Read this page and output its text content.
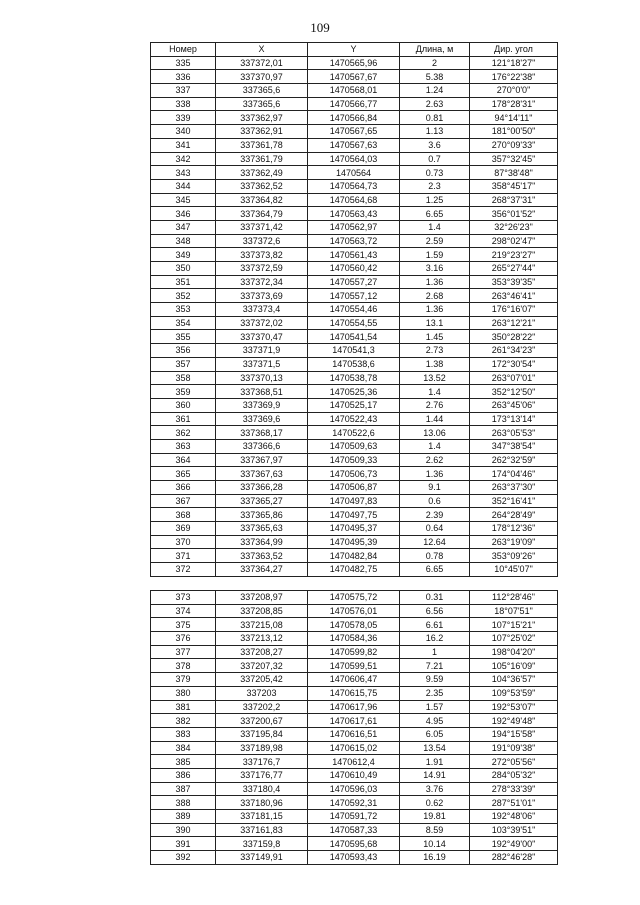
109
Номер	X	Y	Длина, м	Дир. угол
335	337372,01	1470565,96	2	121°18'27"
336	337370,97	1470567,67	5.38	176°22'38"
337	337365,6	1470568,01	1.24	270°0'0"
338	337365,6	1470566,77	2.63	178°28'31"
339	337362,97	1470566,84	0.81	94°14'11"
340	337362,91	1470567,65	1.13	181°00'50"
341	337361,78	1470567,63	3.6	270°09'33"
342	337361,79	1470564,03	0.7	357°32'45"
343	337362,49	1470564	0.73	87°38'48"
344	337362,52	1470564,73	2.3	358°45'17"
345	337364,82	1470564,68	1.25	268°37'31"
346	337364,79	1470563,43	6.65	356°01'52"
347	337371,42	1470562,97	1.4	32°26'23"
348	337372,6	1470563,72	2.59	298°02'47"
349	337373,82	1470561,43	1.59	219°23'27"
350	337372,59	1470560,42	3.16	265°27'44"
351	337372,34	1470557,27	1.36	353°39'35"
352	337373,69	1470557,12	2.68	263°46'41"
353	337373,4	1470554,46	1.36	176°16'07"
354	337372,02	1470554,55	13.1	263°12'21"
355	337370,47	1470541,54	1.45	350°28'22"
356	337371,9	1470541,3	2.73	261°34'23"
357	337371,5	1470538,6	1.38	172°30'54"
358	337370,13	1470538,78	13.52	263°07'01"
359	337368,51	1470525,36	1.4	352°12'50"
360	337369,9	1470525,17	2.76	263°45'06"
361	337369,6	1470522,43	1.44	173°13'14"
362	337368,17	1470522,6	13.06	263°05'53"
363	337366,6	1470509,63	1.4	347°38'54"
364	337367,97	1470509,33	2.62	262°32'59"
365	337367,63	1470506,73	1.36	174°04'46"
366	337366,28	1470506,87	9.1	263°37'30"
367	337365,27	1470497,83	0.6	352°16'41"
368	337365,86	1470497,75	2.39	264°28'49"
369	337365,63	1470495,37	0.64	178°12'36"
370	337364,99	1470495,39	12.64	263°19'09"
371	337363,52	1470482,84	0.78	353°09'26"
372	337364,27	1470482,75	6.65	10°45'07"
373	337208,97	1470575,72	0.31	112°28'46"
374	337208,85	1470576,01	6.56	18°07'51"
375	337215,08	1470578,05	6.61	107°15'21"
376	337213,12	1470584,36	16.2	107°25'02"
377	337208,27	1470599,82	1	198°04'20"
378	337207,32	1470599,51	7.21	105°16'09"
379	337205,42	1470606,47	9.59	104°36'57"
380	337203	1470615,75	2.35	109°53'59"
381	337202,2	1470617,96	1.57	192°53'07"
382	337200,67	1470617,61	4.95	192°49'48"
383	337195,84	1470616,51	6.05	194°15'58"
384	337189,98	1470615,02	13.54	191°09'38"
385	337176,7	1470612,4	1.91	272°05'56"
386	337176,77	1470610,49	14.91	284°05'32"
387	337180,4	1470596,03	3.76	278°33'39"
388	337180,96	1470592,31	0.62	287°51'01"
389	337181,15	1470591,72	19.81	192°48'06"
390	337161,83	1470587,33	8.59	103°39'51"
391	337159,8	1470595,68	10.14	192°49'00"
392	337149,91	1470593,43	16.19	282°46'28"
